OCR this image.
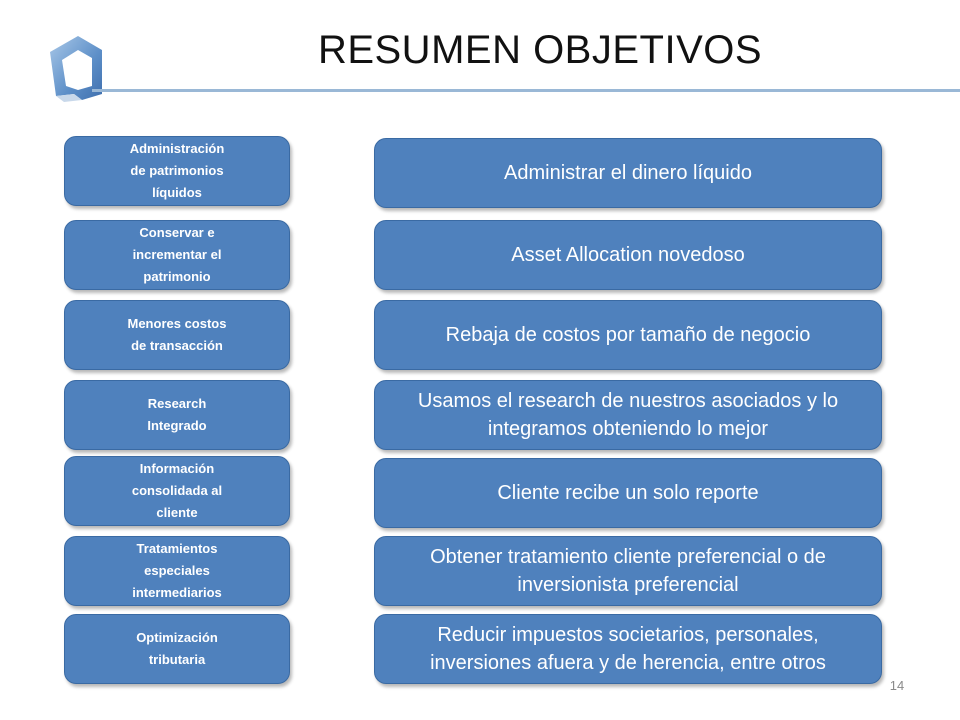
RESUMEN OBJETIVOS
Administración
de patrimonios
líquidos
Administrar el dinero líquido
Conservar e
incrementar el
patrimonio
Asset Allocation novedoso
Menores costos
de transacción	Rebaja de costos por tamaño de negocio
Research
Integrado
Usamos el research de nuestros asociados y lo integramos obteniendo lo mejor
Información
consolidada al
cliente
Cliente recibe un solo reporte
Tratamientos
especiales
intermediarios
Obtener tratamiento cliente preferencial o de inversionista preferencial
Optimización
tributaria
Reducir impuestos societarios, personales, inversiones afuera y de herencia, entre otros
14
